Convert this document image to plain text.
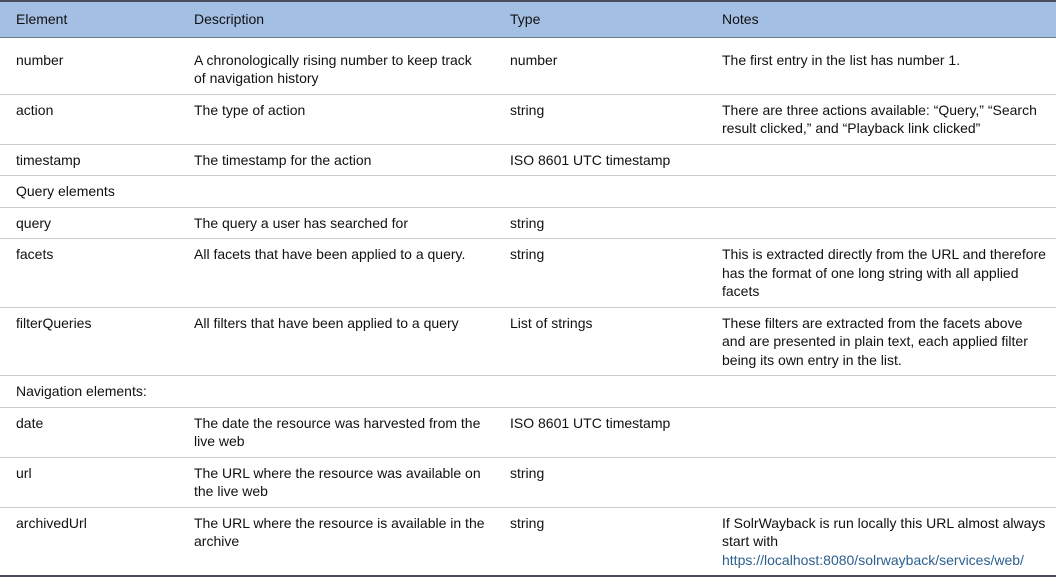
Element	Description	Type	Notes

number	A chronologically rising number to keep track of navigation history	number	The first entry in the list has number 1.
action	The type of action	string	There are three actions available: “Query,” “Search result clicked,” and “Playback link clicked”
timestamp	The timestamp for the action	ISO 8601 UTC timestamp	
Query elements			
query	The query a user has searched for	string	
facets	All facets that have been applied to a query.	string	This is extracted directly from the URL and therefore has the format of one long string with all applied facets
filterQueries	All filters that have been applied to a query	List of strings	These filters are extracted from the facets above and are presented in plain text, each applied filter being its own entry in the list.
Navigation elements:			
date	The date the resource was harvested from the live web	ISO 8601 UTC timestamp	
url	The URL where the resource was available on the live web	string	
archivedUrl	The URL where the resource is available in the archive	string	If SolrWayback is run locally this URL almost always start with
https://localhost:8080/solrwayback/services/web/
